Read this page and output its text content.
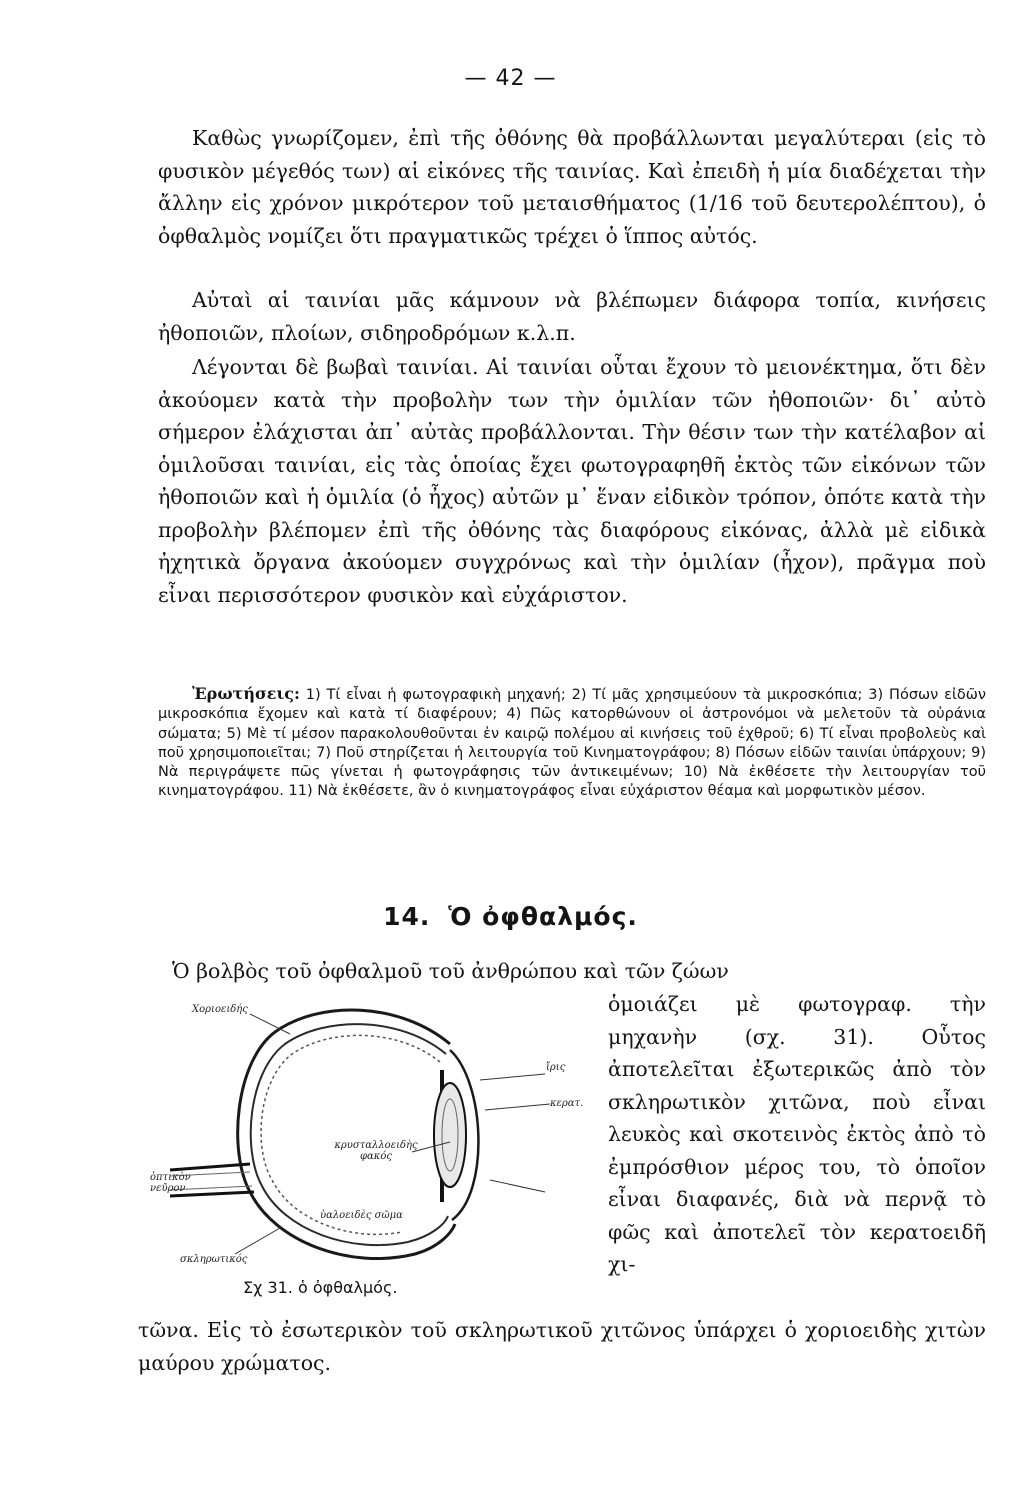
— 42 —

Καθὼς γνωρίζομεν, ἐπὶ τῆς ὀθόνης θὰ προβάλλωνται μεγαλύτεραι (εἰς τὸ φυσικὸν μέγεθός των) αἱ εἰκόνες τῆς ταινίας. Καὶ ἐπειδὴ ἡ μία διαδέχεται τὴν ἄλλην εἰς χρόνον μικρότερον τοῦ μεταισθήματος (1/16 τοῦ δευτερολέπτου), ὁ ὀφθαλμὸς νομίζει ὅτι πραγματικῶς τρέχει ὁ ἵππος αὐτός.

Αὐταὶ αἱ ταινίαι μᾶς κάμνουν νὰ βλέπωμεν διάφορα τοπία, κινήσεις ἠθοποιῶν, πλοίων, σιδηροδρόμων κ.λ.π.

Λέγονται δὲ βωβαὶ ταινίαι. Αἱ ταινίαι οὗται ἔχουν τὸ μειονέκτημα, ὅτι δὲν ἀκούομεν κατὰ τὴν προβολὴν των τὴν ὁμιλίαν τῶν ἠθοποιῶν· δι᾽ αὐτὸ σήμερον ἐλάχισται ἀπ᾽ αὐτὰς προβάλλονται. Τὴν θέσιν των τὴν κατέλαβον αἱ ὁμιλοῦσαι ταινίαι, εἰς τὰς ὁποίας ἔχει φωτογραφηθῆ ἐκτὸς τῶν εἰκόνων τῶν ἠθοποιῶν καὶ ἡ ὁμιλία (ὁ ἦχος) αὐτῶν μ᾽ ἕναν εἰδικὸν τρόπον, ὁπότε κατὰ τὴν προβολὴν βλέπομεν ἐπὶ τῆς ὀθόνης τὰς διαφόρους εἰκόνας, ἀλλὰ μὲ εἰδικὰ ἠχητικὰ ὄργανα ἀκούομεν συγχρόνως καὶ τὴν ὁμιλίαν (ἦχον), πρᾶγμα ποὺ εἶναι περισσότερον φυσικὸν καὶ εὐχάριστον.

Ἐρωτήσεις: 1) Τί εἶναι ἡ φωτογραφικὴ μηχανή; 2) Τί μᾶς χρησιμεύουν τὰ μικροσκόπια; 3) Πόσων εἰδῶν μικροσκόπια ἔχομεν καὶ κατὰ τί διαφέρουν; 4) Πῶς κατορθώνουν οἱ ἀστρονόμοι νὰ μελετοῦν τὰ οὐράνια σώματα; 5) Μὲ τί μέσον παρακολουθοῦνται ἐν καιρῷ πολέμου αἱ κινήσεις τοῦ ἐχθροῦ; 6) Τί εἶναι προβολεὺς καὶ ποῦ χρησιμοποιεῖται; 7) Ποῦ στηρίζεται ἡ λειτουργία τοῦ Κινηματογράφου; 8) Πόσων εἰδῶν ταινίαι ὑπάρχουν; 9) Νὰ περιγράψετε πῶς γίνεται ἡ φωτογράφησις τῶν ἀντικειμένων; 10) Νὰ ἐκθέσετε τὴν λειτουργίαν τοῦ κινηματογράφου. 11) Νὰ ἐκθέσετε, ἂν ὁ κινηματογράφος εἶναι εὐχάριστον θέαμα καὶ μορφωτικὸν μέσον.

14. Ὁ ὀφθαλμός.

Ὁ βολβὸς τοῦ ὀφθαλμοῦ τοῦ ἀνθρώπου καὶ τῶν ζώων

ὁμοιάζει μὲ φωτογραφ. τὴν μηχανὴν (σχ. 31). Οὗτος ἀποτελεῖται ἐξωτερικῶς ἀπὸ τὸν σκληρωτικὸν χιτῶνα, ποὺ εἶναι λευκὸς καὶ σκοτεινὸς ἐκτὸς ἀπὸ τὸ ἐμπρόσθιον μέρος του, τὸ ὁποῖον εἶναι διαφανές, διὰ νὰ περνᾷ τὸ φῶς καὶ ἀποτελεῖ τὸν κερατοειδῆ χι-

Χοριοειδής
ἴρις
κερατ.
κρυσταλλοειδὴς φακός
ὀπτικὸν νεῦρον
ὑαλοειδὲς σῶμα
σκληρωτικός
Σχ 31. ὁ ὀφθαλμός.

τῶνα. Εἰς τὸ ἐσωτερικὸν τοῦ σκληρωτικοῦ χιτῶνος ὑπάρχει ὁ χοριοειδὴς χιτὼν μαύρου χρώματος.
